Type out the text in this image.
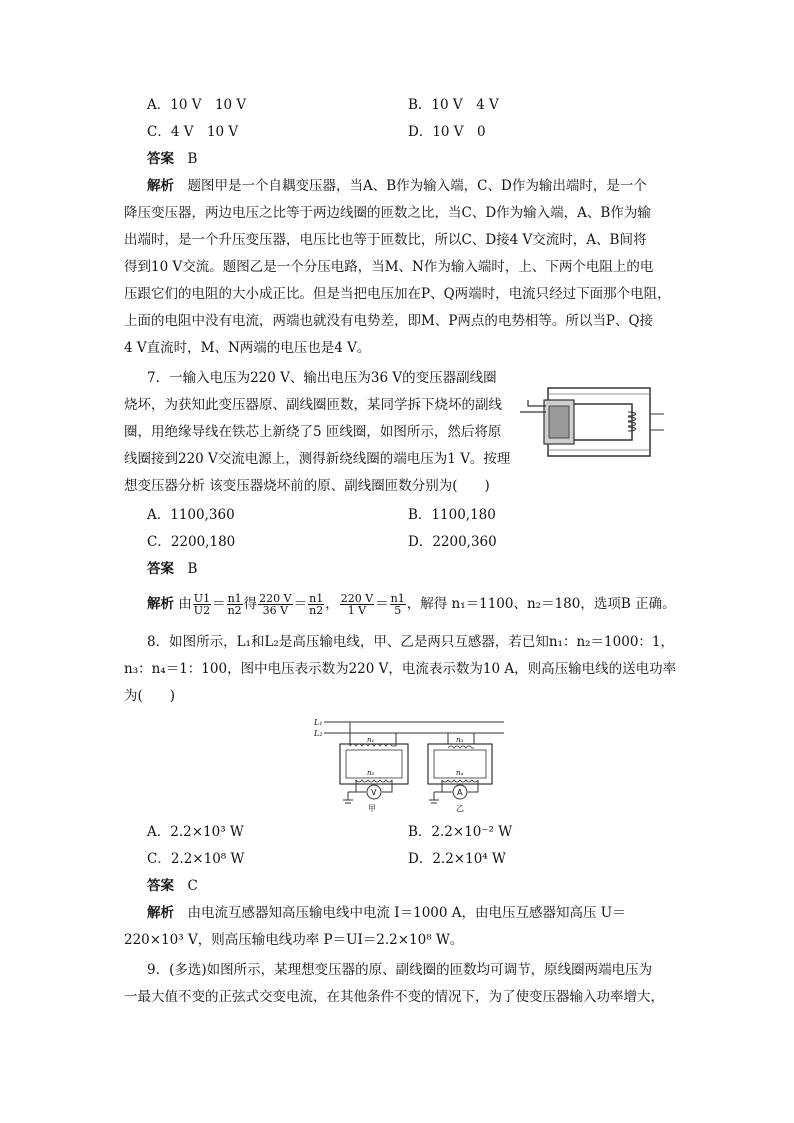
A．10 V　10 V	B．10 V　4 V
C．4 V　10 V	D．10 V　0
答案　 B
解析　 题图甲是一个自耦变压器，当A、B作为输入端，C、D作为输出端时，是一个
降压变压器，两边电压之比等于两边线圈的匝数之比，当C、D作为输入端，A、B作为输
出端时，是一个升压变压器，电压比也等于匝数比，所以C、D接4 V交流时，A、B间将
得到10 V交流。题图乙是一个分压电路，当M、N作为输入端时，上、下两个电阻上的电
压跟它们的电阻的大小成正比。但是当把电压加在P、Q两端时，电流只经过下面那个电阻，
上面的电阻中没有电流，两端也就没有电势差，即M、P两点的电势相等。所以当P、Q接
4 V直流时，M、N两端的电压也是4 V。
7．一输入电压为220 V、输出电压为36 V的变压器副线圈
烧坏，为获知此变压器原、副线圈匝数，某同学拆下烧坏的副线
圈，用绝缘导线在铁芯上新绕了5 匝线圈，如图所示，然后将原
线圈接到220 V交流电源上，测得新绕线圈的端电压为1 V。按理
想变压器分析 该变压器烧坏前的原、副线圈匝数分别为(　　)
A．1100,360	B．1100,180
C．2200,180	D．2200,360
答案　 B
解析 由 $\frac{U1}{U2} = \frac{n1}{n2}$ 得 $\frac{220 V}{36 V} = \frac{n1}{n2}$ ， $\frac{220 V}{1 V} = \frac{n1}{5}$ ，解得 n₁＝1100、n₂＝180，选项B 正确。
8．如图所示，L₁和L₂是高压输电线，甲、乙是两只互感器，若已知n₁：n₂＝1000：1，
n₃：n₄＝1：100，图中电压表示数为220 V，电流表示数为10 A，则高压输电线的送电功率
为(　　)
L₁
L₂
n₁
n₂
V
甲
n₃
n₄
A
乙
A．2.2×10³ W	B．2.2×10⁻² W
C．2.2×10⁸ W	D．2.2×10⁴ W
答案　 C
解析　 由电流互感器知高压输电线中电流 I＝1000 A，由电压互感器知高压 U＝
220×10³ V，则高压输电线功率 P＝UI＝2.2×10⁸ W。
9．(多选)如图所示，某理想变压器的原、副线圈的匝数均可调节，原线圈两端电压为
一最大值不变的正弦式交变电流，在其他条件不变的情况下，为了使变压器输入功率增大，
